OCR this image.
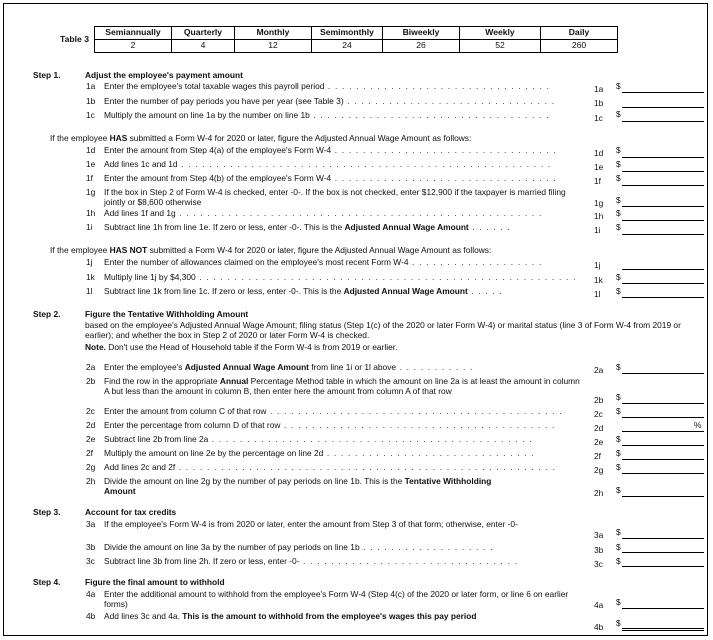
Table 3	Semiannually	Quarterly	Monthly	Semimonthly	Biweekly	Weekly	Daily
	2	4	12	24	26	52	260
Step 1.	Adjust the employee's payment amount
1a Enter the employee's total taxable wages this payroll period . . . . . . . . . . . . . . . . . . . . . . . . . . . . . . . .	1a	$
1b Enter the number of pay periods you have per year (see Table 3) . . . . . . . . . . . . . . . . . . . . . . . . . . . . . .	1b
1c Multiply the amount on line 1a by the number on line 1b . . . . . . . . . . . . . . . . . . . . . . . . . . . . . . . . . .	1c	$
If the employee HAS submitted a Form W-4 for 2020 or later, figure the Adjusted Annual Wage Amount as follows:
1d Enter the amount from Step 4(a) of the employee's Form W-4 . . . . . . . . . . . . . . . . . . . . . . . . . . . . . . . .	1d	$
1e Add lines 1c and 1d . . . . . . . . . . . . . . . . . . . . . . . . . . . . . . . . . . . . . . . . . . . . . . . . . . . . .	1e	$
1f Enter the amount from Step 4(b) of the employee's Form W-4 . . . . . . . . . . . . . . . . . . . . . . . . . . . . . . . .	1f	$
1g If the box in Step 2 of Form W-4 is checked, enter -0-. If the box is not checked, enter $12,900 if the taxpayer is married filing jointly or $8,600 otherwise	1g	$
1h Add lines 1f and 1g . . . . . . . . . . . . . . . . . . . . . . . . . . . . . . . . . . . . . . . . . . . . . . . . . . . .	1h	$
1i Subtract line 1h from line 1e. If zero or less, enter -0-. This is the Adjusted Annual Wage Amount . . . . . .	1i	$
If the employee HAS NOT submitted a Form W-4 for 2020 or later, figure the Adjusted Annual Wage Amount as follows:
1j Enter the number of allowances claimed on the employee's most recent Form W-4 . . . . . . . . . . . . . . . . . . .	1j
1k Multiply line 1j by $4,300 . . . . . . . . . . . . . . . . . . . . . . . . . . . . . . . . . . . . . . . . . . . . . . . . . . . . . . 1k	$
1l Subtract line 1k from line 1c. If zero or less, enter -0-. This is the Adjusted Annual Wage Amount . . . . .	1l	$
Step 2.	Figure the Tentative Withholding Amount
based on the employee's Adjusted Annual Wage Amount; filing status (Step 1(c) of the 2020 or later Form W-4) or marital status (line 3 of Form W-4 from 2019 or earlier); and whether the box in Step 2 of 2020 or later Form W-4 is checked.
Note. Don't use the Head of Household table if the Form W-4 is from 2019 or earlier.
2a Enter the employee's Adjusted Annual Wage Amount from line 1i or 1l above . . . . . . . . . . .	2a	$
2b Find the row in the appropriate Annual Percentage Method table in which the amount on line 2a is at least the amount in column A but less than the amount in column B, then enter here the amount from column A of that row
2b	$
2c Enter the amount from column C of that row . . . . . . . . . . . . . . . . . . . . . . . . . . . . . . . . . . . . . . . . . .	2c	$
2d Enter the percentage from column D of that row . . . . . . . . . . . . . . . . . . . . . . . . . . . . . . . . . . . . . . .	2d	%
2e Subtract line 2b from line 2a . . . . . . . . . . . . . . . . . . . . . . . . . . . . . . . . . . . . . . . . . . . . . .	2e	$
2f Multiply the amount on line 2e by the percentage on line 2d . . . . . . . . . . . . . . . . . . . . . . . . . . . . . .	2f	$
2g Add lines 2c and 2f . . . . . . . . . . . . . . . . . . . . . . . . . . . . . . . . . . . . . . . . . . . . . . . . . . . . . .	2g	$
2h Divide the amount on line 2g by the number of pay periods on line 1b. This is the Tentative Withholding Amount	2h	$
Step 3.	Account for tax credits
3a If the employee's Form W-4 is from 2020 or later, enter the amount from Step 3 of that form; otherwise, enter -0-
3a	$
3b Divide the amount on line 3a by the number of pay periods on line 1b . . . . . . . . . . . . . . . . . . .	3b	$
3c Subtract line 3b from line 2h. If zero or less, enter -0- . . . . . . . . . . . . . . . . . . . . . . . . . . . . . . .	3c	$
Step 4.	Figure the final amount to withhold
4a Enter the additional amount to withhold from the employee's Form W-4 (Step 4(c) of the 2020 or later form, or line 6 on earlier forms)	4a	$
4b Add lines 3c and 4a. This is the amount to withhold from the employee's wages this pay period
4b	$
